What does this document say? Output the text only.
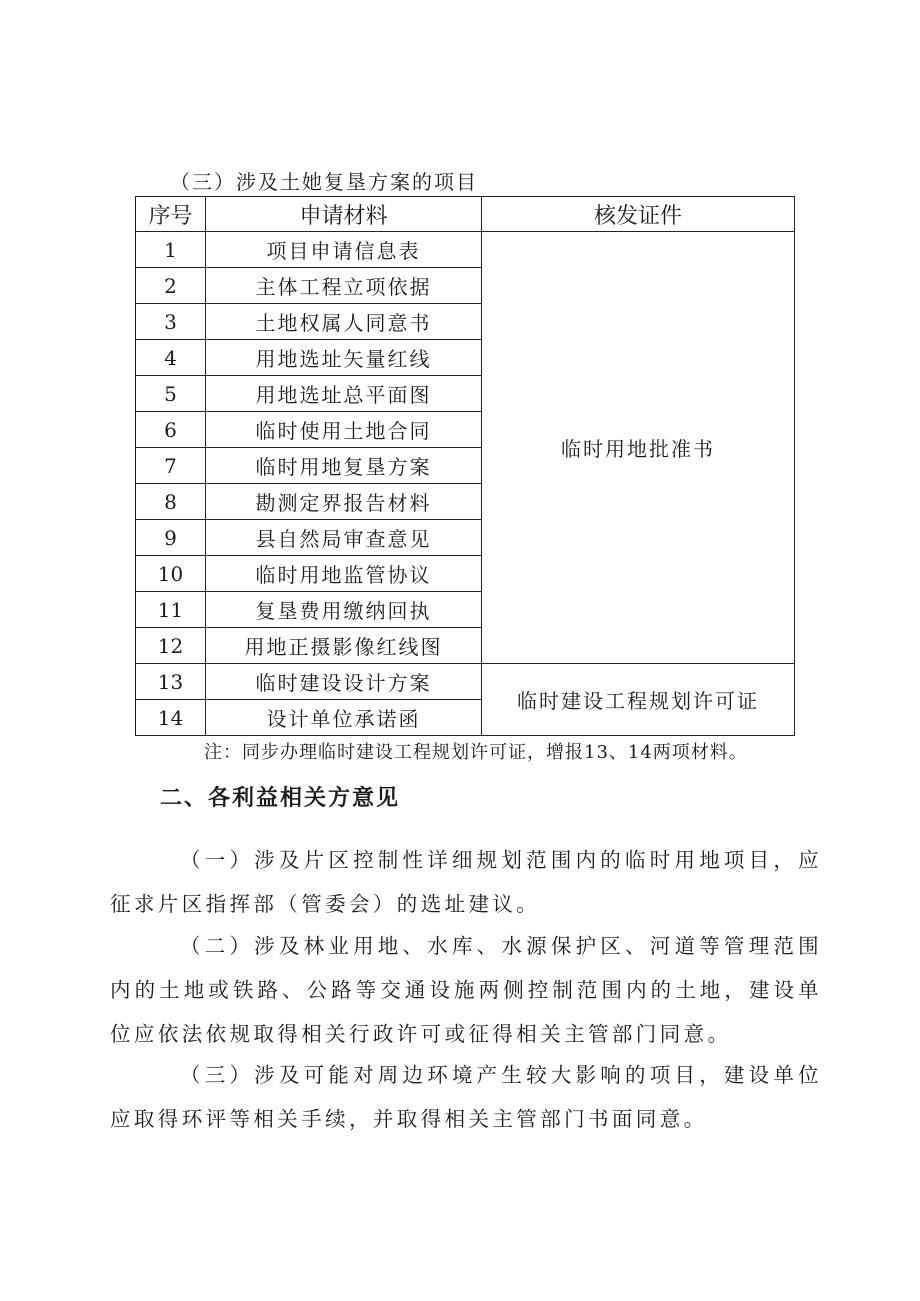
（三）涉及土她复垦方案的项目
序号	申请材料	核发证件
1	项目申请信息表	临时用地批准书
2	主体工程立项依据	
3	土地权属人同意书	
4	用地选址矢量红线	
5	用地选址总平面图	
6	临时使用土地合同	
7	临时用地复垦方案	
8	勘测定界报告材料	
9	县自然局审查意见	
10	临时用地监管协议	
11	复垦费用缴纳回执	
12	用地正摄影像红线图	
13	临时建设设计方案	临时建设工程规划许可证
14	设计单位承诺函	
注：同步办理临时建设工程规划许可证，增报13、14两项材料。
二、各利益相关方意见

（一）涉及片区控制性详细规划范围内的临时用地项目，应征求片区指挥部（管委会）的选址建议。

（二）涉及林业用地、水库、水源保护区、河道等管理范围内的土地或铁路、公路等交通设施两侧控制范围内的土地，建设单位应依法依规取得相关行政许可或征得相关主管部门同意。

（三）涉及可能对周边环境产生较大影响的项目，建设单位应取得环评等相关手续，并取得相关主管部门书面同意。
